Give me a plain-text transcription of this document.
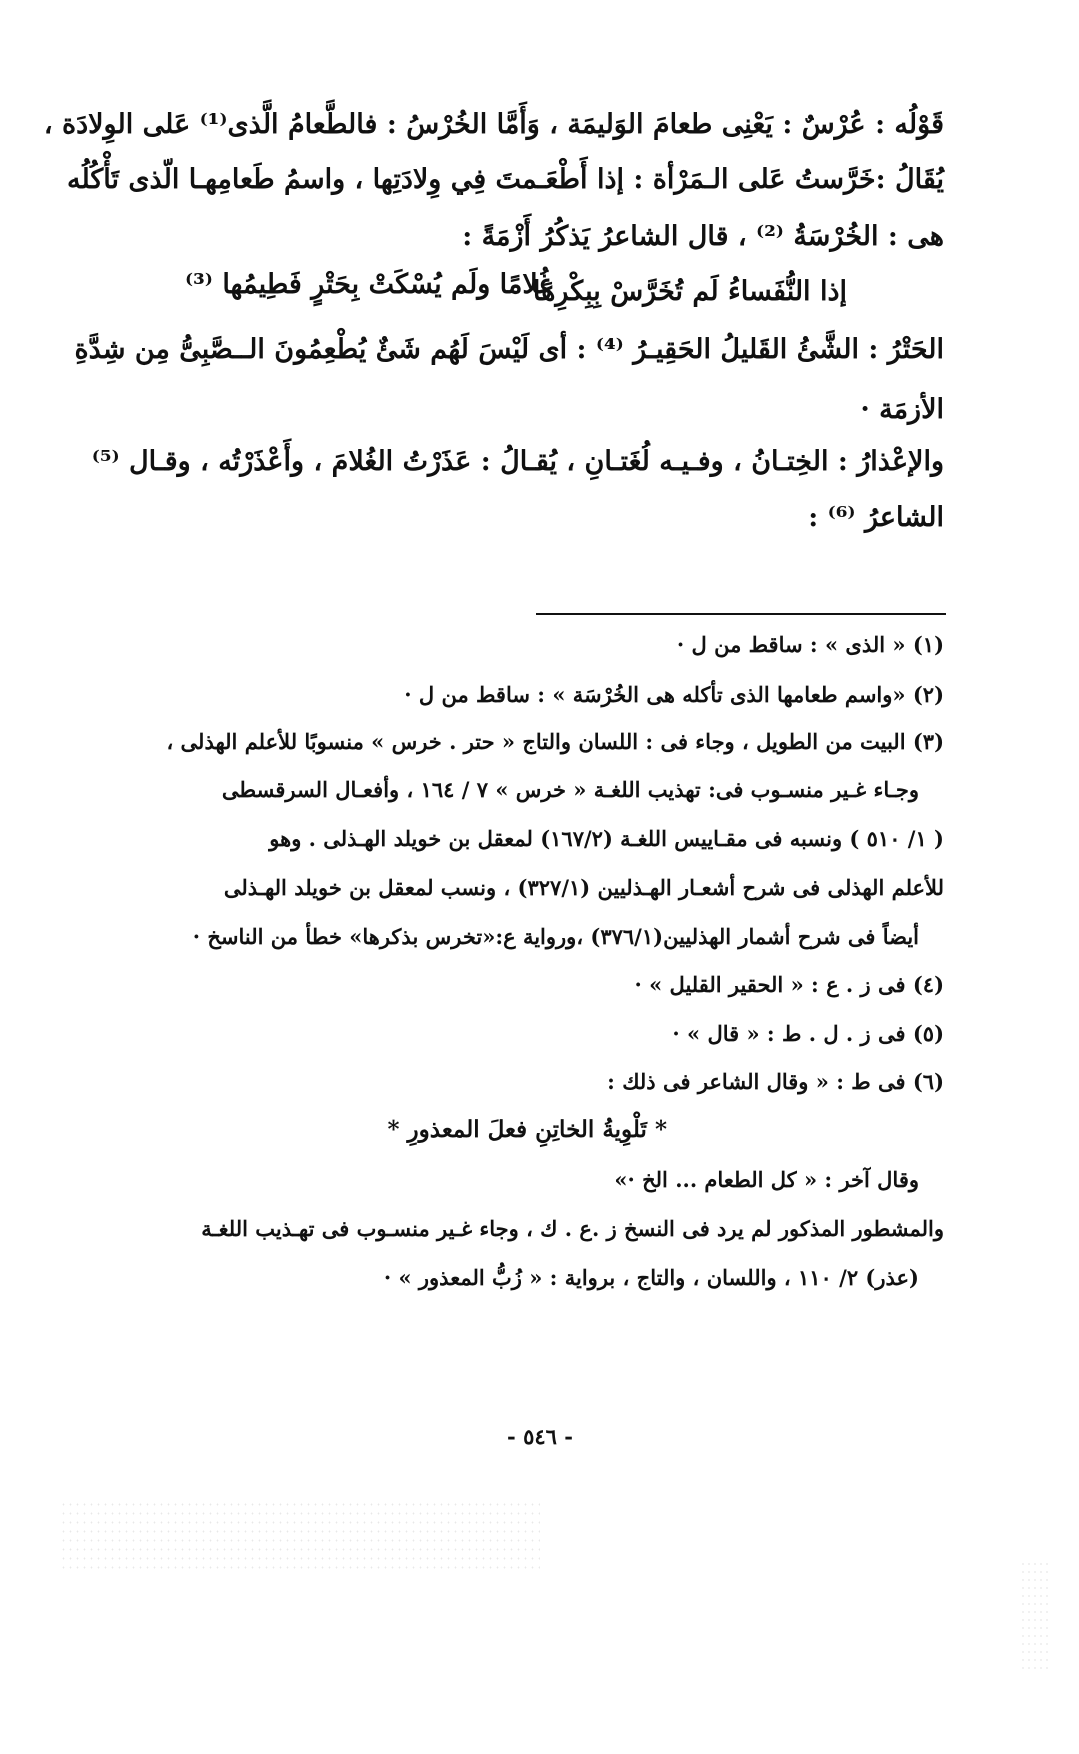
قَوْلُه : عُرْسٌ : يَعْنِى طعامَ الوَليمَة ، وَأَمَّا الخُرْسُ : فالطَّعامُ الَّذى⁽¹⁾ عَلى الوِلادَة ،
يُقَالُ :خَرَّستُ عَلى الـمَرْأة : إذا أَطْعَـمتَ فِي وِلادَتِها ، واسمُ طَعامِهـا الّذى تَأْكُلُه
هى : الخُرْسَةُ ⁽²⁾ ، قال الشاعرُ يَذكُرُ أَزْمَةً :
إذا النُّفَساءُ لَم تُخَرَّسْ بِبِكْرِهَا
غُلامًا ولَم يُسْكَتْ بِحَتْرٍ فَطِيمُها ⁽³⁾
الحَتْرُ : الشَّئُ القَليلُ الحَقِيـرُ ⁽⁴⁾ : أى لَيْسَ لَهُم شَئٌ يُطْعِمُونَ الــصَّبِىُّ مِن شِدَّةِ
الأزمَة ·
والإعْذارُ : الخِتـانُ ، وفـيـه لُغَتـانِ ، يُقـالُ : عَذَرْتُ الغُلامَ ، وأَعْذَرْتُه ، وقـال ⁽⁵⁾
الشاعرُ ⁽⁶⁾ :
(١) « الذى » : ساقط من ل ·
(٢) «واسم طعامها الذى تأكله هى الخُرْسَة » : ساقط من ل ·
(٣) البيت من الطويل ، وجاء فى : اللسان والتاج « حتر . خرس » منسوبًا للأعلم الهذلى ،
وجـاء غـير منسـوب فى: تهذيب اللغـة « خرس » ٧ / ١٦٤ ، وأفعـال السرقسطى
( ١/ ٥١٠ ) ونسبه فى مقـاييس اللغـة (١٦٧/٢) لمعقل بن خويلد الهـذلى . وهو
للأعلم الهذلى فى شرح أشعـار الهـذليين (٣٢٧/١) ، ونسب لمعقل بن خويلد الهـذلى
أيضاً فى شرح أشمار الهذليين(٣٧٦/١) ،ورواية ع:«تخرس بذكرها» خطأ من الناسخ ·
(٤) فى ز . ع : « الحقير القليل » ·
(٥) فى ز . ل . ط : « قال » ·
(٦) فى ط : « وقال الشاعر فى ذلك :
* تَلْوِيةُ الخاتِنِ فعلَ المعذورِ *
وقال آخر : « كل الطعام ... الخ ·»
والمشطور المذكور لم يرد فى النسخ ز .ع . ك ، وجاء غـير منسـوب فى تهـذيب اللغـة
(عذر) ٢/ ١١٠ ، واللسان ، والتاج ، برواية : « زُبُّ المعذور » ·
- ٥٤٦ -
